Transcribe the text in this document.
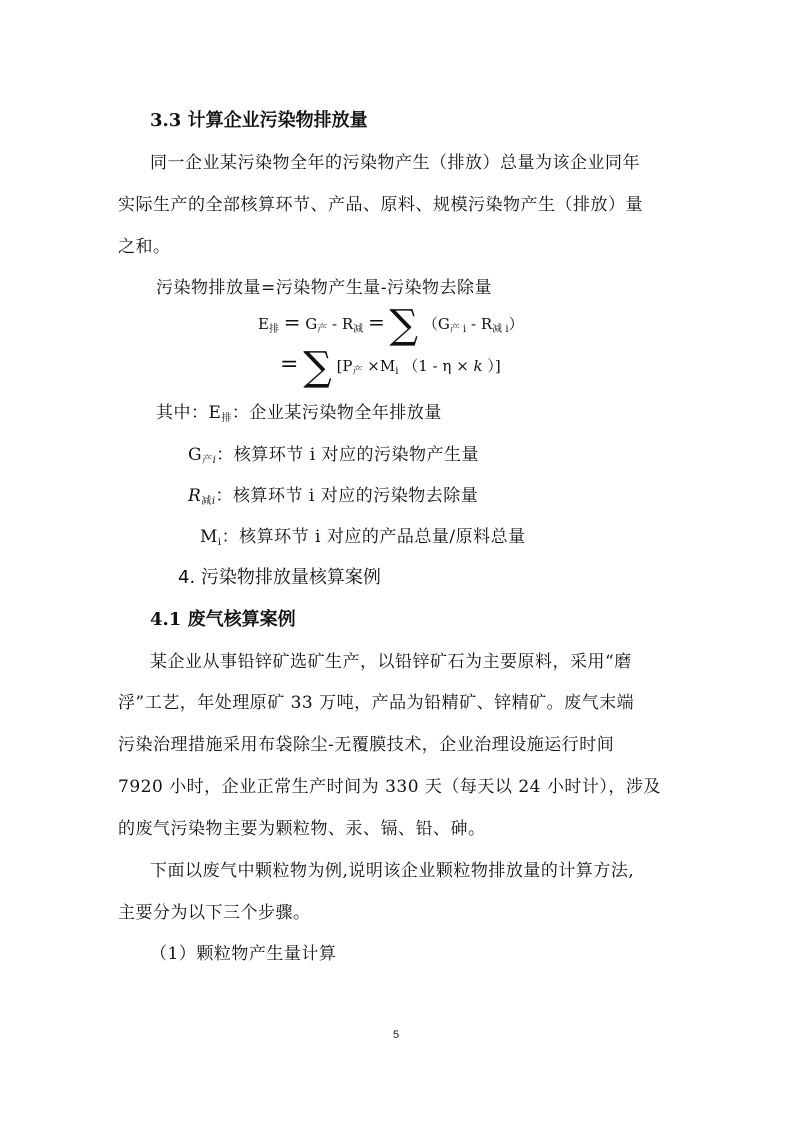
3.3 计算企业污染物排放量
同一企业某污染物全年的污染物产生（排放）总量为该企业同年
实际生产的全部核算环节、产品、原料、规模污染物产生（排放）量
之和。
污染物排放量=污染物产生量-污染物去除量
$E_排 = G_产 - R_减$ = ∑ $(G_{产 i} - R_{减 i})$
= ∑ [$P_产 \times M_i$ （1 - η × k ）]
其中：$E_排$：企业某污染物全年排放量
$G_{产i}$：核算环节 i 对应的污染物产生量
$R_{减i}$：核算环节 i 对应的污染物去除量
$M_i$：核算环节 i 对应的产品总量/原料总量
4. 污染物排放量核算案例
4.1 废气核算案例
某企业从事铅锌矿选矿生产，以铅锌矿石为主要原料，采用“磨
浮”工艺，年处理原矿 33 万吨，产品为铅精矿、锌精矿。废气末端
污染治理措施采用布袋除尘-无覆膜技术，企业治理设施运行时间
7920 小时，企业正常生产时间为 330 天（每天以 24 小时计），涉及
的废气污染物主要为颗粒物、汞、镉、铅、砷。
下面以废气中颗粒物为例,说明该企业颗粒物排放量的计算方法,
主要分为以下三个步骤。
（1）颗粒物产生量计算
5
